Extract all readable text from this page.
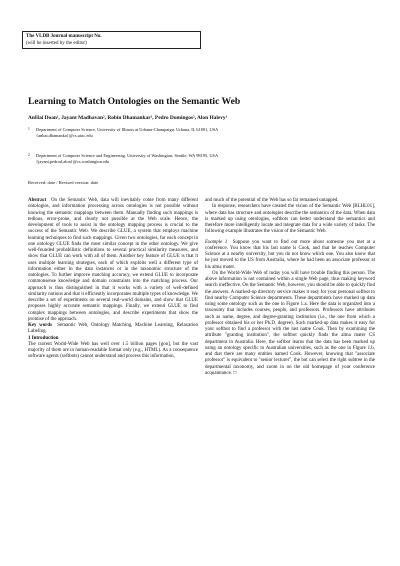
The VLDB Journal manuscript No.
(will be inserted by the editor)
Learning to Match Ontologies on the Semantic Web
AnHai Doan¹, Jayant Madhavan², Robin Dhamankar¹, Pedro Domingos², Alon Halevy²
1	Department of Computer Science, University of Illinois at Urbana-Champaign, Urbana, IL 61801, USA
{anhai,dhamanka}@cs.uiuc.edu
2	Department of Computer Science and Engineering, University of Washington, Seattle, WA 98195, USA
{jayant,pedrod,alon}@cs.washington.edu
Received: date / Revised version: date

Abstract On the Semantic Web, data will inevitably come from many different ontologies, and information processing across ontologies is not possible without knowing the semantic mappings between them. Manually finding such mappings is tedious, error-prone, and clearly not possible at the Web scale. Hence, the development of tools to assist in the ontology mapping process is crucial to the success of the Semantic Web. We describe GLUE, a system that employs machine learning techniques to find such mappings. Given two ontologies, for each concept in one ontology GLUE finds the most similar concept in the other ontology. We give well-founded probabilistic definitions to several practical similarity measures, and show that GLUE can work with all of them. Another key feature of GLUE is that it uses multiple learning strategies, each of which exploits well a different type of information either in the data instances or in the taxonomic structure of the ontologies. To further improve matching accuracy, we extend GLUE to incorporate commonsense knowledge and domain constraints into the matching process. Our approach is thus distinguished in that it works with a variety of well-defined similarity notions and that it efficiently incorporates multiple types of knowledge. We describe a set of experiments on several real-world domains, and show that GLUE proposes highly accurate semantic mappings. Finally, we extend GLUE to find complex mappings between ontologies, and describe experiments that show the promise of the approach.

Key words Semantic Web, Ontology Matching, Machine Learning, Relaxation Labeling.

1 Introduction

The current World-Wide Web has well over 1.5 billion pages [goo], but the vast majority of them are in human-readable format only (e.g., HTML). As a consequence software agents (softbots) cannot understand and process this information,

and much of the potential of the Web has so far remained untapped.

In response, researchers have created the vision of the Semantic Web [BLHL01], where data has structure and ontologies describe the semantics of the data. When data is marked up using ontologies, softbots can better understand the semantics and therefore more intelligently locate and integrate data for a wide variety of tasks. The following example illustrates the vision of the Semantic Web.

Example 1 Suppose you want to find out more about someone you met at a conference. You know that his last name is Cook, and that he teaches Computer Science at a nearby university, but you do not know which one. You also know that he just moved to the US from Australia, where he had been an associate professor at his alma mater.

On the World-Wide Web of today you will have trouble finding this person. The above information is not contained within a single Web page, thus making keyword search ineffective. On the Semantic Web, however, you should be able to quickly find the answers. A marked-up directory service makes it easy for your personal softbot to find nearby Computer Science departments. These departments have marked up data using some ontology such as the one in Figure 1.a. Here the data is organized into a taxonomy that includes courses, people, and professors. Professors have attributes such as name, degree, and degree-granting institution (i.e., the one from which a professor obtained his or her Ph.D. degree). Such marked-up data makes it easy for your softbot to find a professor with the last name Cook. Then by examining the attribute "granting institution", the softbot quickly finds the alma mater CS department in Australia. Here, the softbot learns that the data has been marked up using an ontology specific to Australian universities, such as the one in Figure 1.b, and that there are many entities named Cook. However, knowing that "associate professor" is equivalent to "senior lecturer", the bot can select the right subtree in the departmental taxonomy, and zoom in on the old homepage of your conference acquaintance. □
